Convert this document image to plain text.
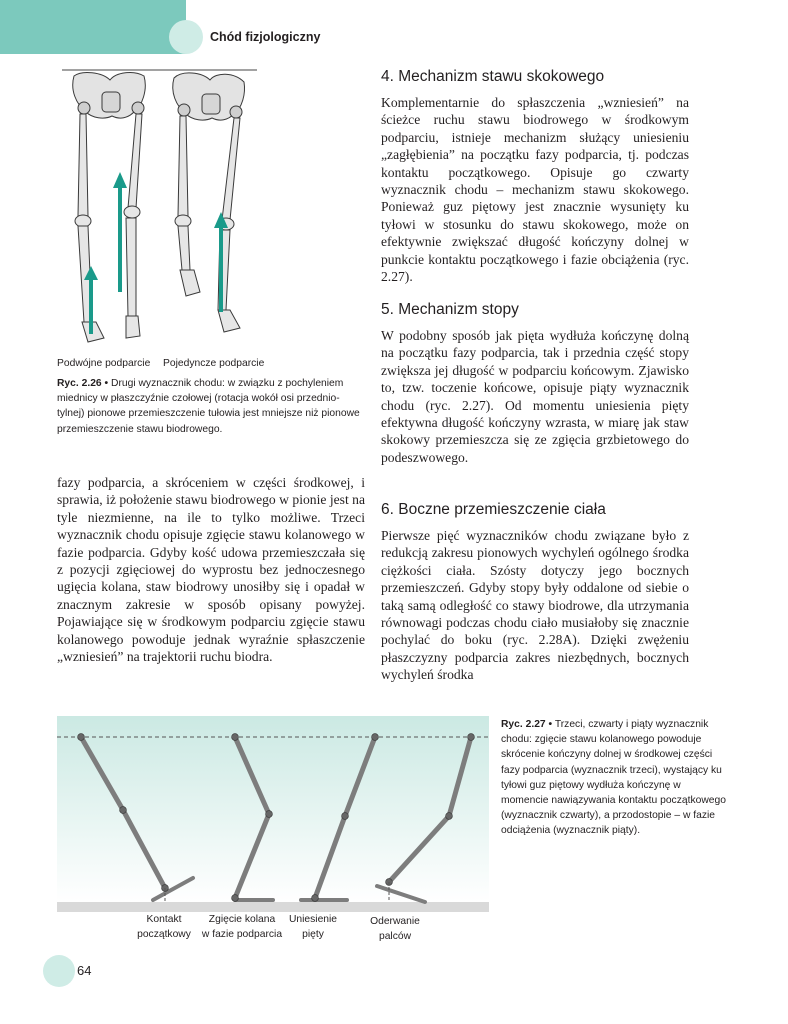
Chód fizjologiczny
Podwójne podparcie Pojedyncze podparcie
Ryc. 2.26 • Drugi wyznacznik chodu: w związku z pochyleniem miednicy w płaszczyźnie czołowej (rotacja wokół osi przednio-tylnej) pionowe przemieszczenie tułowia jest mniejsze niż pionowe przemieszczenie stawu biodrowego.
fazy podparcia, a skróceniem w części środkowej, i sprawia, iż położenie stawu biodrowego w pionie jest na tyle niezmienne, na ile to tylko możliwe. Trzeci wyznacznik chodu opisuje zgięcie stawu kolanowego w fazie podparcia. Gdyby kość udowa przemieszczała się z pozycji zgięciowej do wyprostu bez jednoczesnego ugięcia kolana, staw biodrowy unosiłby się i opadał w znacznym zakresie w sposób opisany powyżej. Pojawiające się w środkowym podparciu zgięcie stawu kolanowego powoduje jednak wyraźnie spłaszczenie „wzniesień” na trajektorii ruchu biodra.
4. Mechanizm stawu skokowego
Komplementarnie do spłaszczenia „wzniesień” na ścieżce ruchu stawu biodrowego w środkowym podparciu, istnieje mechanizm służący uniesieniu „zagłębienia” na początku fazy podparcia, tj. podczas kontaktu początkowego. Opisuje go czwarty wyznacznik chodu – mechanizm stawu skokowego. Ponieważ guz piętowy jest znacznie wysunięty ku tyłowi w stosunku do stawu skokowego, może on efektywnie zwiększać długość kończyny dolnej w punkcie kontaktu początkowego i fazie obciążenia (ryc. 2.27).
5. Mechanizm stopy
W podobny sposób jak pięta wydłuża kończynę dolną na początku fazy podparcia, tak i przednia część stopy zwiększa jej długość w podparciu końcowym. Zjawisko to, tzw. toczenie końcowe, opisuje piąty wyznacznik chodu (ryc. 2.27). Od momentu uniesienia pięty efektywna długość kończyny wzrasta, w miarę jak staw skokowy przemieszcza się ze zgięcia grzbietowego do podeszwowego.
6. Boczne przemieszczenie ciała
Pierwsze pięć wyznaczników chodu związane było z redukcją zakresu pionowych wychyleń ogólnego środka ciężkości ciała. Szósty dotyczy jego bocznych przemieszczeń. Gdyby stopy były oddalone od siebie o taką samą odległość co stawy biodrowe, dla utrzymania równowagi podczas chodu ciało musiałoby się znacznie pochylać do boku (ryc. 2.28A). Dzięki zwężeniu płaszczyzny podparcia zakres niezbędnych, bocznych wychyleń środka
Kontakt
początkowy
Zgięcie kolana
w fazie podparcia
Uniesienie
pięty
Oderwanie
palców
Ryc. 2.27 • Trzeci, czwarty i piąty wyznacznik chodu: zgięcie stawu kolanowego powoduje skrócenie kończyny dolnej w środkowej części fazy podparcia (wyznacznik trzeci), wystający ku tyłowi guz piętowy wydłuża kończynę w momencie nawiązywania kontaktu początkowego (wyznacznik czwarty), a przodostopie – w fazie odciążenia (wyznacznik piąty).
64
